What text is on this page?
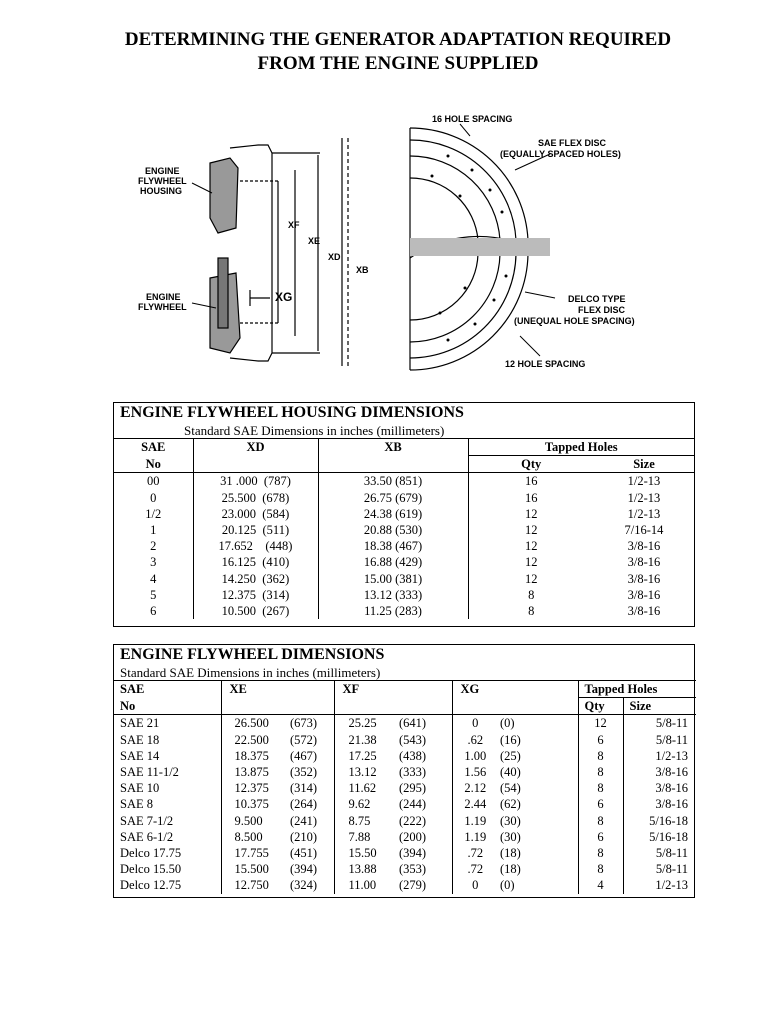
DETERMINING THE GENERATOR ADAPTATION REQUIRED
FROM THE ENGINE SUPPLIED
ENGINE
FLYWHEEL
HOUSING
ENGINE
FLYWHEEL
XF
XE
XD
XB
XG
16 HOLE SPACING
SAE FLEX DISC
(EQUALLY SPACED HOLES)
DELCO TYPE
FLEX DISC
(UNEQUAL HOLE SPACING)
12 HOLE SPACING
ENGINE FLYWHEEL HOUSING DIMENSIONS
Standard SAE Dimensions in inches (millimeters)
SAE	XD	XB	Tapped Holes	
No			Qty	Size
00	31 .000  (787)	33.50 (851)	16	1/2-13
0	25.500  (678)	26.75 (679)	16	1/2-13
1/2	23.000  (584)	24.38 (619)	12	1/2-13
1	20.125  (511)	20.88 (530)	12	7/16-14
2	17.652    (448)	18.38 (467)	12	3/8-16
3	16.125  (410)	16.88 (429)	12	3/8-16
4	14.250  (362)	15.00 (381)	12	3/8-16
5	12.375  (314)	13.12 (333)	8	3/8-16
6	10.500  (267)	11.25 (283)	8	3/8-16
ENGINE FLYWHEEL DIMENSIONS
Standard SAE Dimensions in inches (millimeters)
SAE	XE		XF		XG			Tapped Holes	
No								Qty	Size
SAE 21	26.500	(673)	25.25	(641)	0	(0)		12	5/8-11
SAE 18	22.500	(572)	21.38	(543)	.62	(16)		6	5/8-11
SAE 14	18.375	(467)	17.25	(438)	1.00	(25)		8	1/2-13
SAE 11-1/2	13.875	(352)	13.12	(333)	1.56	(40)		8	3/8-16
SAE 10	12.375	(314)	11.62	(295)	2.12	(54)		8	3/8-16
SAE 8	10.375	(264)	9.62	(244)	2.44	(62)		6	3/8-16
SAE 7-1/2	9.500	(241)	8.75	(222)	1.19	(30)		8	5/16-18
SAE 6-1/2	8.500	(210)	7.88	(200)	1.19	(30)		6	5/16-18
Delco 17.75	17.755	(451)	15.50	(394)	.72	(18)		8	5/8-11
Delco 15.50	15.500	(394)	13.88	(353)	.72	(18)		8	5/8-11
Delco 12.75	12.750	(324)	11.00	(279)	0	(0)		4	1/2-13
